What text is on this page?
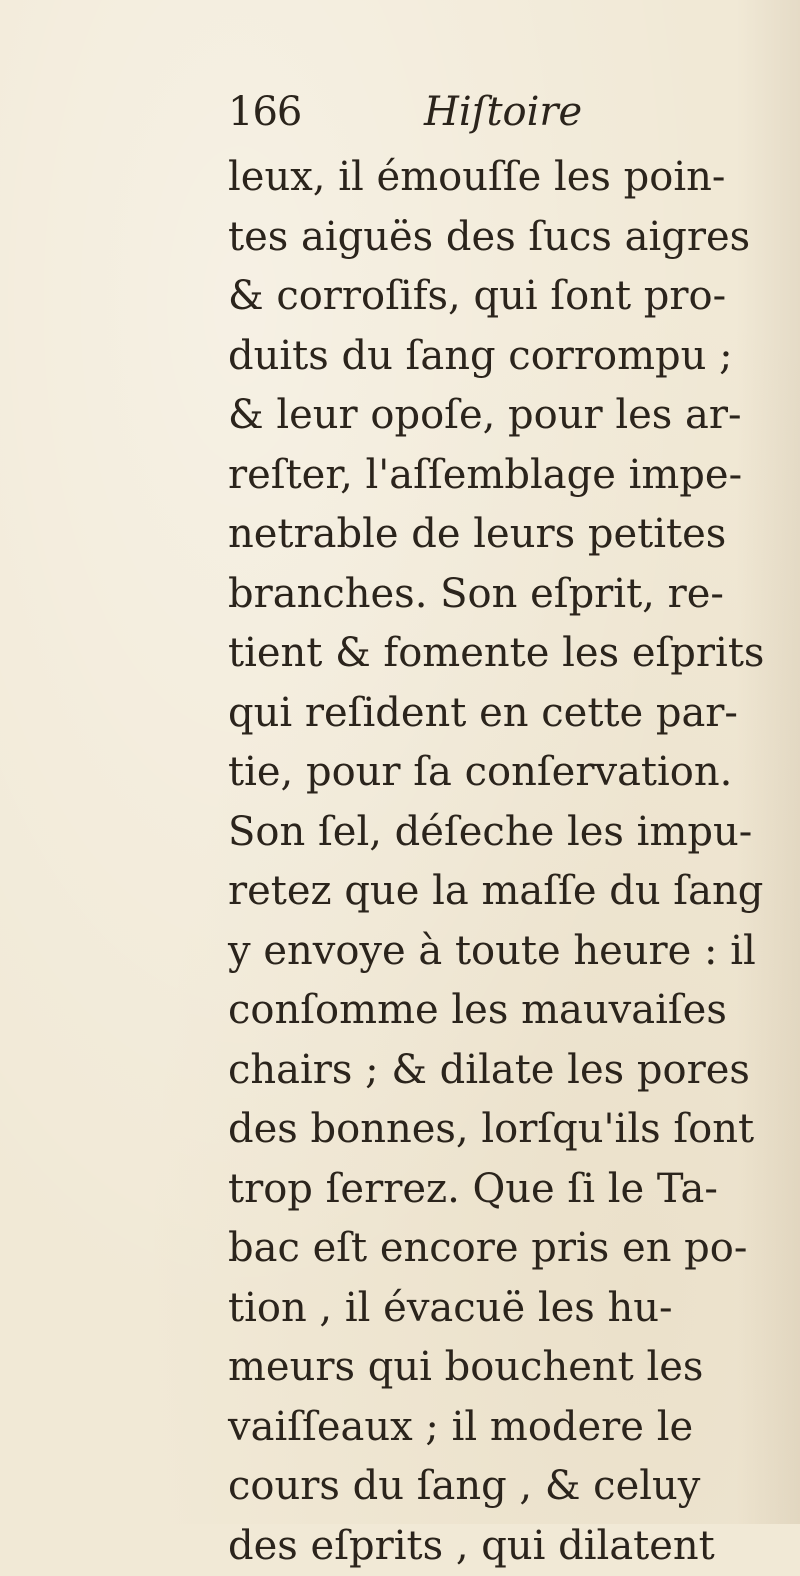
166	Hiſtoire
leux, il émouſſe les poin-
tes aiguës des ſucs aigres
& corroſifs, qui ſont pro-
duits du ſang corrompu ;
& leur opoſe, pour les ar-
reſter, l'aſſemblage impe-
netrable de leurs petites
branches. Son eſprit, re-
tient & fomente les eſprits
qui reſident en cette par-
tie, pour ſa conſervation.
Son ſel, déſeche les impu-
retez que la maſſe du ſang
y envoye à toute heure : il
conſomme les mauvaiſes
chairs ; & dilate les pores
des bonnes, lorſqu'ils ſont
trop ſerrez. Que ſi le Ta-
bac eſt encore pris en po-
tion , il évacuë les hu-
meurs qui bouchent les
vaiſſeaux ; il modere le
cours du ſang , & celuy
des eſprits , qui dilatent
